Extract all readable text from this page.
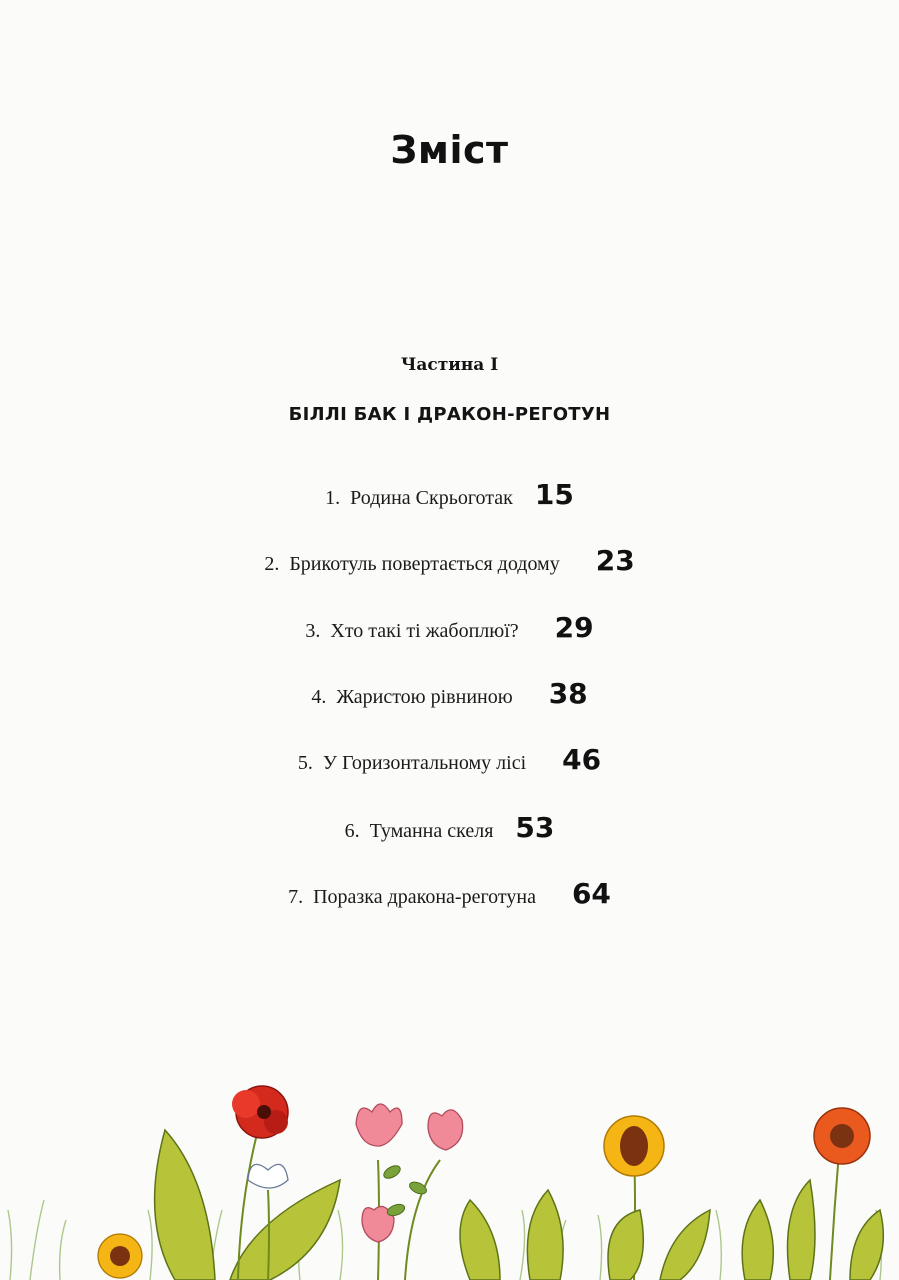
Зміст
Частина І
БІЛЛІ БАК І ДРАКОН-РЕГОТУН
1. Родина Скрьоготак 15
2. Брикотуль повертається додому 23
3. Хто такі ті жабоплюї? 29
4. Жаристою рівниною 38
5. У Горизонтальному лісі 46
6. Туманна скеля 53
7. Поразка дракона-реготуна 64
